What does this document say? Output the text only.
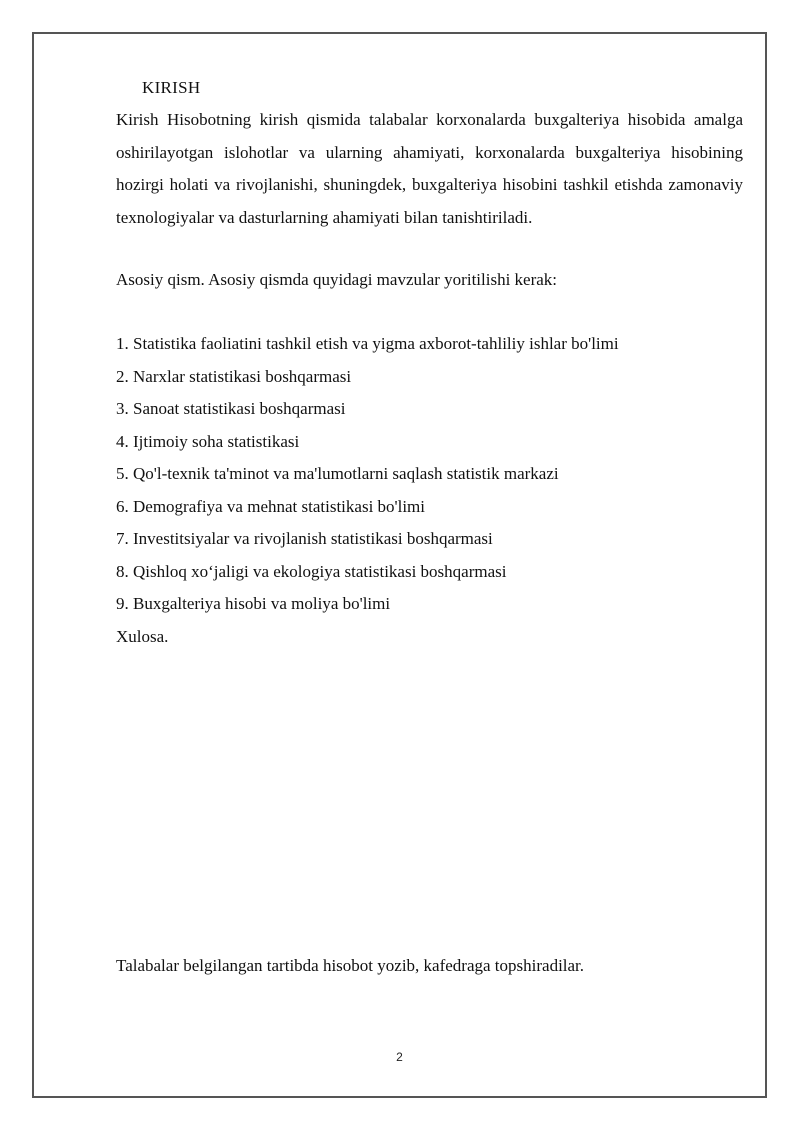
KIRISH

Kirish Hisobotning kirish qismida talabalar korxonalarda buxgalteriya hisobida amalga oshirilayotgan islohotlar va ularning ahamiyati, korxonalarda buxgalteriya hisobining hozirgi holati va rivojlanishi, shuningdek, buxgalteriya hisobini tashkil etishda zamonaviy texnologiyalar va dasturlarning ahamiyati bilan tanishtiriladi.

Asosiy qism. Asosiy qismda quyidagi mavzular yoritilishi kerak:

1. Statistika faoliatini tashkil etish va yigma axborot-tahliliy ishlar bo'limi
2. Narxlar statistikasi boshqarmasi
3. Sanoat statistikasi boshqarmasi
4. Ijtimoiy soha statistikasi
5. Qo'l-texnik ta'minot va ma'lumotlarni saqlash statistik markazi
6. Demografiya va mehnat statistikasi bo'limi
7. Investitsiyalar va rivojlanish statistikasi boshqarmasi
8. Qishloq xo‘jaligi va ekologiya statistikasi boshqarmasi
9. Buxgalteriya hisobi va moliya bo'limi

Xulosa.

Talabalar belgilangan tartibda hisobot yozib, kafedraga topshiradilar.

2
